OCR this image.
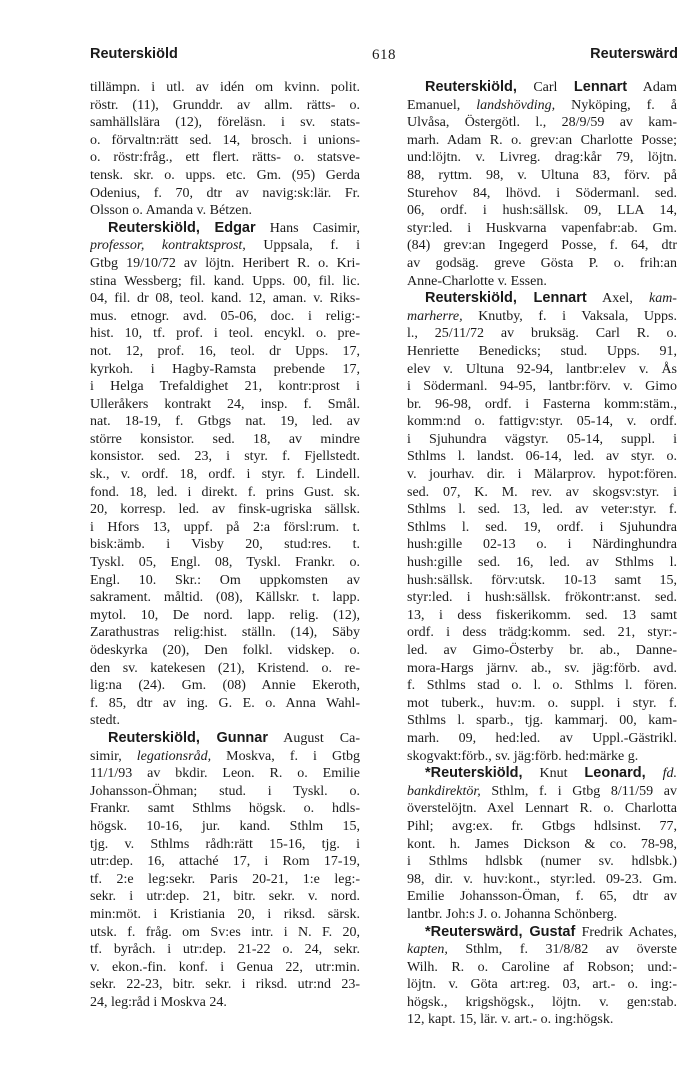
Reuterskiöld	618	Reuterswärd
tillämpn. i utl. av idén om kvinn. polit.
röstr. (11), Grunddr. av allm. rätts- o.
samhällslära (12), föreläsn. i sv. stats-
o. förvaltn:rätt sed. 14, brosch. i unions-
o. röstr:fråg., ett flert. rätts- o. statsve-
tensk. skr. o. upps. etc. Gm. (95) Gerda
Odenius, f. 70, dtr av navig:sk:lär. Fr.
Olsson o. Amanda v. Bétzen.
Reuterskiöld, Edgar Hans Casimir,
professor, kontraktsprost, Uppsala, f. i
Gtbg 19/10/72 av löjtn. Heribert R. o. Kri-
stina Wessberg; fil. kand. Upps. 00, fil. lic.
04, fil. dr 08, teol. kand. 12, aman. v. Riks-
mus. etnogr. avd. 05-06, doc. i relig:-
hist. 10, tf. prof. i teol. encykl. o. pre-
not. 12, prof. 16, teol. dr Upps. 17,
kyrkoh. i Hagby-Ramsta prebende 17,
i Helga Trefaldighet 21, kontr:prost i
Ulleråkers kontrakt 24, insp. f. Smål.
nat. 18-19, f. Gtbgs nat. 19, led. av
större konsistor. sed. 18, av mindre
konsistor. sed. 23, i styr. f. Fjellstedt.
sk., v. ordf. 18, ordf. i styr. f. Lindell.
fond. 18, led. i direkt. f. prins Gust. sk.
20, korresp. led. av finsk-ugriska sällsk.
i Hfors 13, uppf. på 2:a försl:rum. t.
bisk:ämb. i Visby 20, stud:res. t.
Tyskl. 05, Engl. 08, Tyskl. Frankr. o.
Engl. 10. Skr.: Om uppkomsten av
sakrament. måltid. (08), Källskr. t. lapp.
mytol. 10, De nord. lapp. relig. (12),
Zarathustras relig:hist. ställn. (14), Säby
ödeskyrka (20), Den folkl. vidskep. o.
den sv. katekesen (21), Kristend. o. re-
lig:na (24). Gm. (08) Annie Ekeroth,
f. 85, dtr av ing. G. E. o. Anna Wahl-
stedt.
Reuterskiöld, Gunnar August Ca-
simir, legationsråd, Moskva, f. i Gtbg
11/1/93 av bkdir. Leon. R. o. Emilie
Johansson-Öhman; stud. i Tyskl. o.
Frankr. samt Sthlms högsk. o. hdls-
högsk. 10-16, jur. kand. Sthlm 15,
tjg. v. Sthlms rådh:rätt 15-16, tjg. i
utr:dep. 16, attaché 17, i Rom 17-19,
tf. 2:e leg:sekr. Paris 20-21, 1:e leg:-
sekr. i utr:dep. 21, bitr. sekr. v. nord.
min:möt. i Kristiania 20, i riksd. särsk.
utsk. f. fråg. om Sv:es intr. i N. F. 20,
tf. byråch. i utr:dep. 21-22 o. 24, sekr.
v. ekon.-fin. konf. i Genua 22, utr:min.
sekr. 22-23, bitr. sekr. i riksd. utr:nd 23-
24, leg:råd i Moskva 24.
Reuterskiöld, Carl Lennart Adam
Emanuel, landshövding, Nyköping, f. å
Ulvåsa, Östergötl. l., 28/9/59 av kam-
marh. Adam R. o. grev:an Charlotte Posse;
und:löjtn. v. Livreg. drag:kår 79, löjtn.
88, ryttm. 98, v. Ultuna 83, förv. på
Sturehov 84, lhövd. i Södermanl. sed.
06, ordf. i hush:sällsk. 09, LLA 14,
styr:led. i Huskvarna vapenfabr:ab. Gm.
(84) grev:an Ingegerd Posse, f. 64, dtr
av godsäg. greve Gösta P. o. frih:an
Anne-Charlotte v. Essen.
Reuterskiöld, Lennart Axel, kam-
marherre, Knutby, f. i Vaksala, Upps.
l., 25/11/72 av bruksäg. Carl R. o.
Henriette Benedicks; stud. Upps. 91,
elev v. Ultuna 92-94, lantbr:elev v. Ås
i Södermanl. 94-95, lantbr:förv. v. Gimo
br. 96-98, ordf. i Fasterna komm:stäm.,
komm:nd o. fattigv:styr. 05-14, v. ordf.
i Sjuhundra vägstyr. 05-14, suppl. i
Sthlms l. landst. 06-14, led. av styr. o.
v. jourhav. dir. i Mälarprov. hypot:fören.
sed. 07, K. M. rev. av skogsv:styr. i
Sthlms l. sed. 13, led. av veter:styr. f.
Sthlms l. sed. 19, ordf. i Sjuhundra
hush:gille 02-13 o. i Närdinghundra
hush:gille sed. 16, led. av Sthlms l.
hush:sällsk. förv:utsk. 10-13 samt 15,
styr:led. i hush:sällsk. frökontr:anst. sed.
13, i dess fiskerikomm. sed. 13 samt
ordf. i dess trädg:komm. sed. 21, styr:-
led. av Gimo-Österby br. ab., Danne-
mora-Hargs järnv. ab., sv. jäg:förb. avd.
f. Sthlms stad o. l. o. Sthlms l. fören.
mot tuberk., huv:m. o. suppl. i styr. f.
Sthlms l. sparb., tjg. kammarj. 00, kam-
marh. 09, hed:led. av Uppl.-Gästrikl.
skogvakt:förb., sv. jäg:förb. hed:märke g.
*Reuterskiöld, Knut Leonard, fd.
bankdirektör, Sthlm, f. i Gtbg 8/11/59 av
överstelöjtn. Axel Lennart R. o. Charlotta
Pihl; avg:ex. fr. Gtbgs hdlsinst. 77,
kont. h. James Dickson & co. 78-98,
i Sthlms hdlsbk (numer sv. hdlsbk.)
98, dir. v. huv:kont., styr:led. 09-23. Gm.
Emilie Johansson-Öman, f. 65, dtr av
lantbr. Joh:s J. o. Johanna Schönberg.
*Reuterswärd, Gustaf Fredrik Achates,
kapten, Sthlm, f. 31/8/82 av överste
Wilh. R. o. Caroline af Robson; und:-
löjtn. v. Göta art:reg. 03, art.- o. ing:-
högsk., krigshögsk., löjtn. v. gen:stab.
12, kapt. 15, lär. v. art.- o. ing:högsk.
